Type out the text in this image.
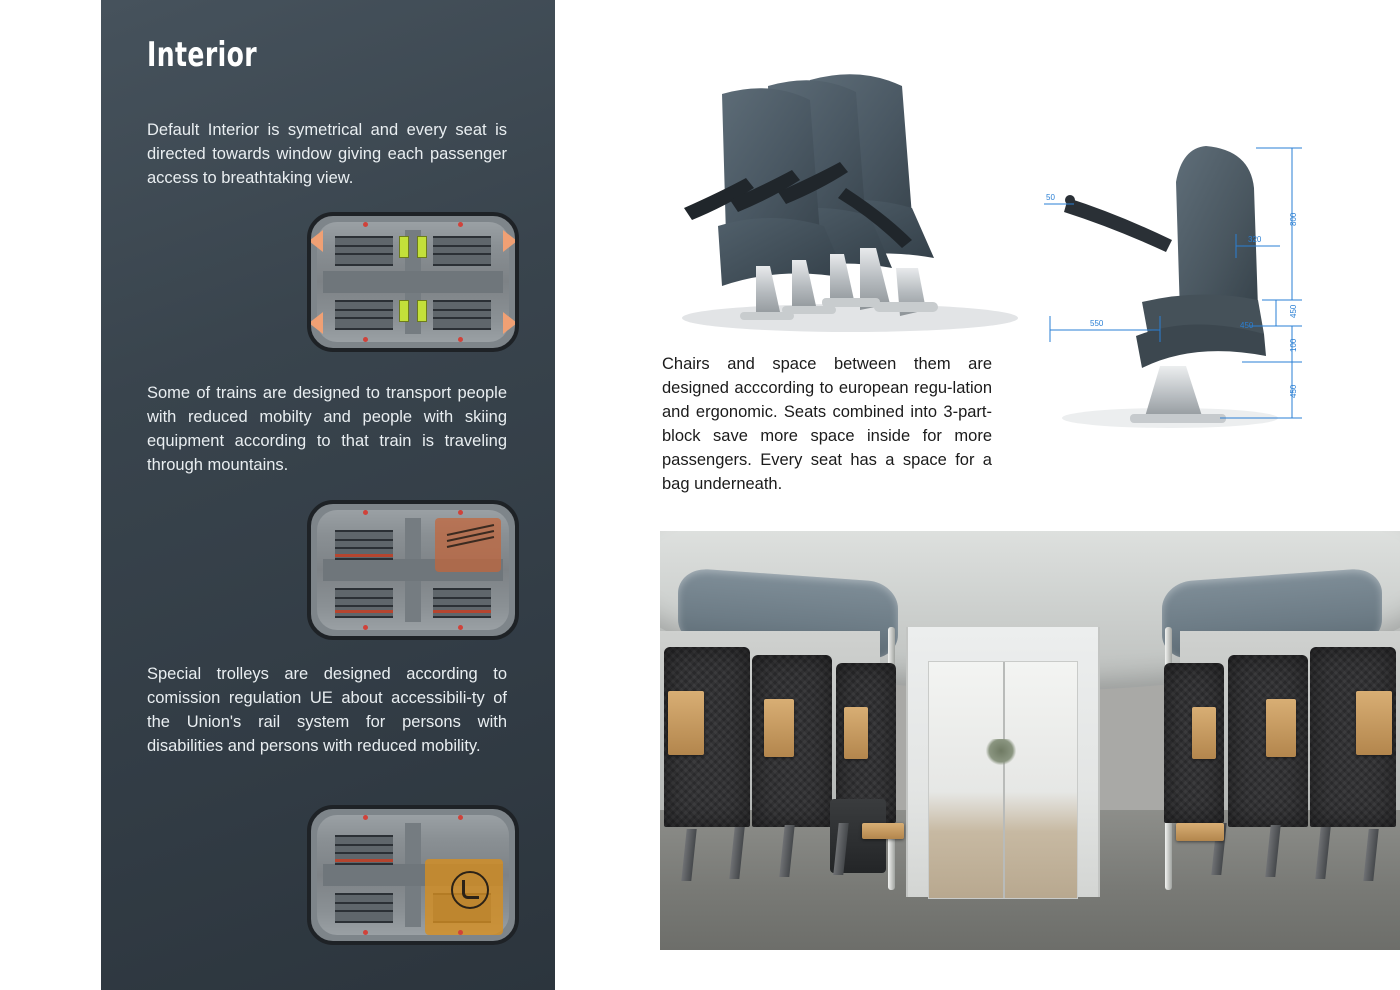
Interior
Default Interior is symetrical and every seat is directed towards window giving each passenger access to breathtaking view.
Some of trains are designed to transport people with reduced mobilty and people with skiing equipment according to that train is traveling through mountains.
Special trolleys are designed according to comission regulation UE about accessibili-ty of the Union's rail system for persons with disabilities and persons with reduced mobility.
800
450
100
450
320
550	450
50
Chairs and space between them are designed acccording to european regu-lation and ergonomic. Seats combined into 3-part-block save more space inside for more passengers. Every seat has a space for a bag underneath.
